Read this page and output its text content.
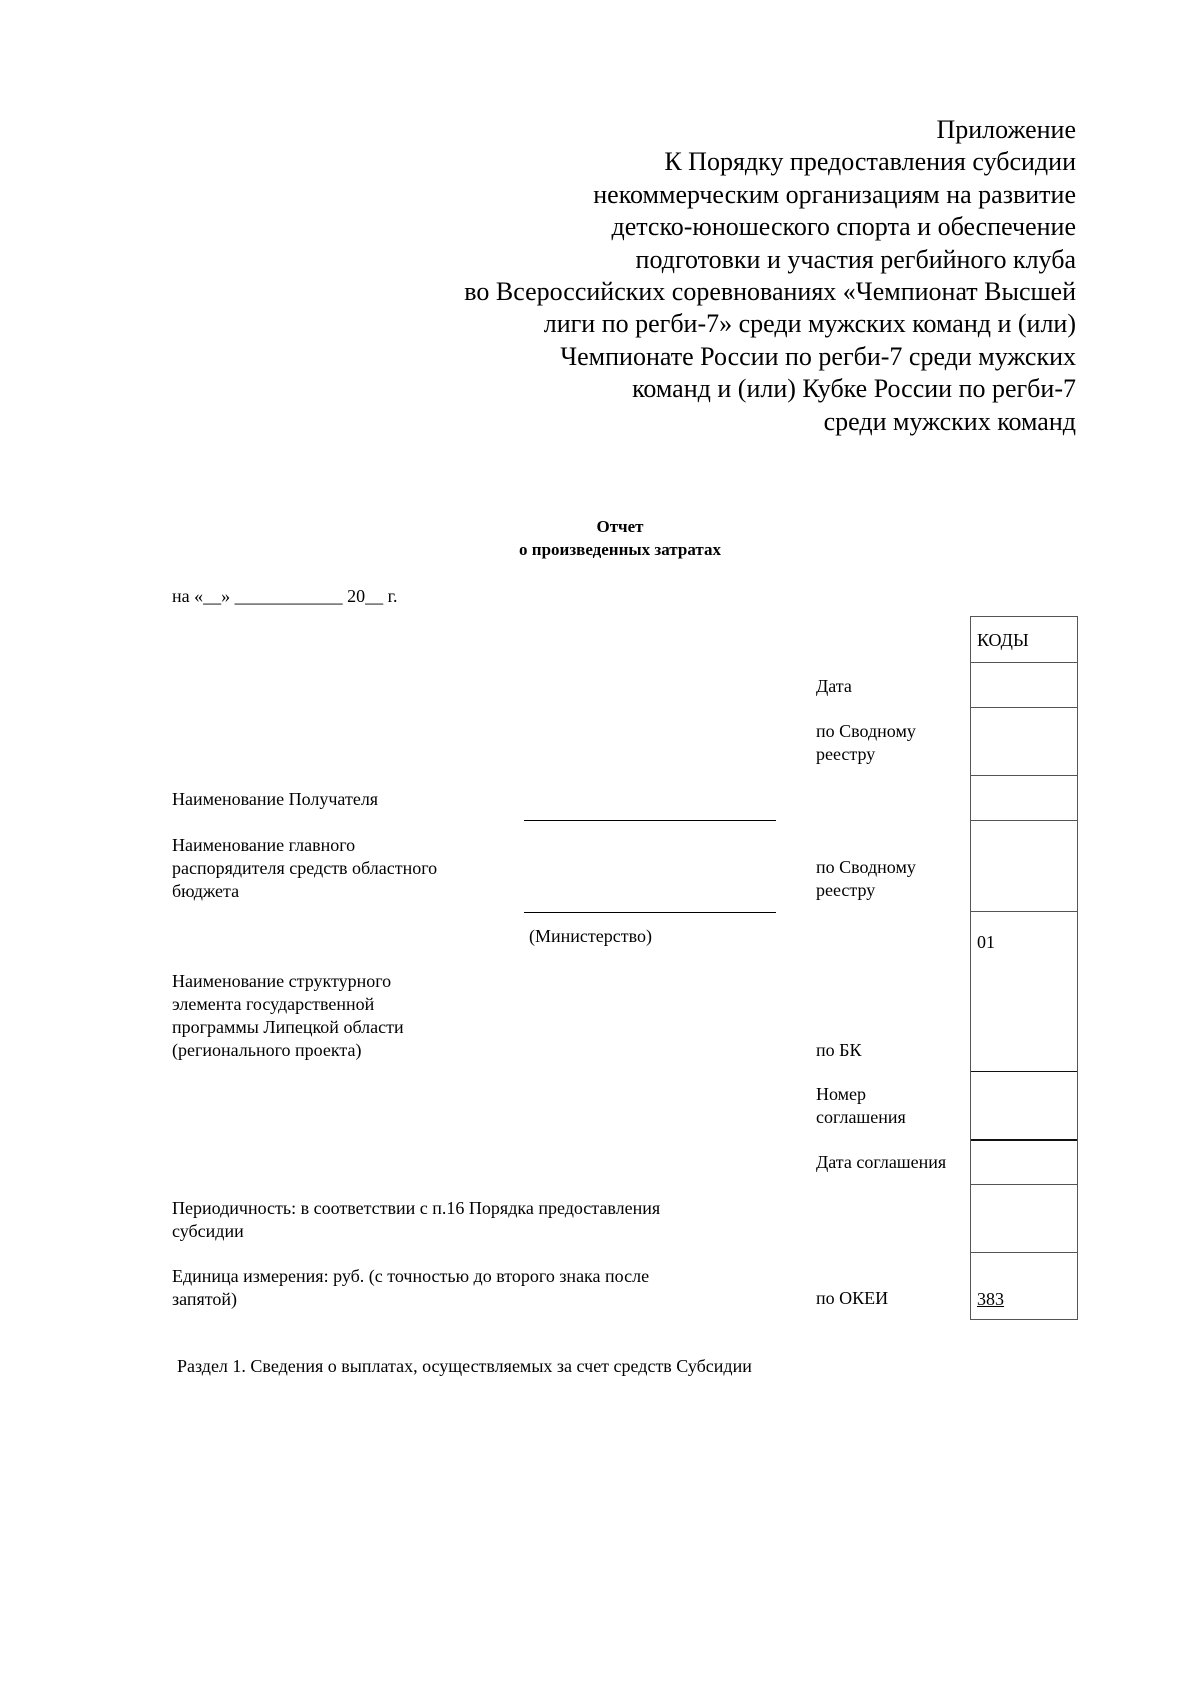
Приложение
К Порядку предоставления субсидии
некоммерческим организациям на развитие
детско-юношеского спорта и обеспечение
подготовки и участия регбийного клуба
во Всероссийских соревнованиях «Чемпионат Высшей
лиги по регби-7» среди мужских команд и (или)
Чемпионате России по регби-7 среди мужских
команд и (или) Кубке России по регби-7
среди мужских команд
Отчет
о произведенных затратах
на «__» ____________ 20__ г.
Наименование Получателя
Наименование главного
распорядителя средств областного
бюджета
(Министерство)
Наименование структурного
элемента государственной
программы Липецкой области
(регионального проекта)
Периодичность: в соответствии с п.16 Порядка предоставления
субсидии
Единица измерения: руб. (с точностью до второго знака после
запятой)
Дата
по Сводному
реестру
по Сводному
реестру
по БК
Номер
соглашения
Дата соглашения
по ОКЕИ
КОДЫ
01
383
Раздел 1. Сведения о выплатах, осуществляемых за счет средств Субсидии
